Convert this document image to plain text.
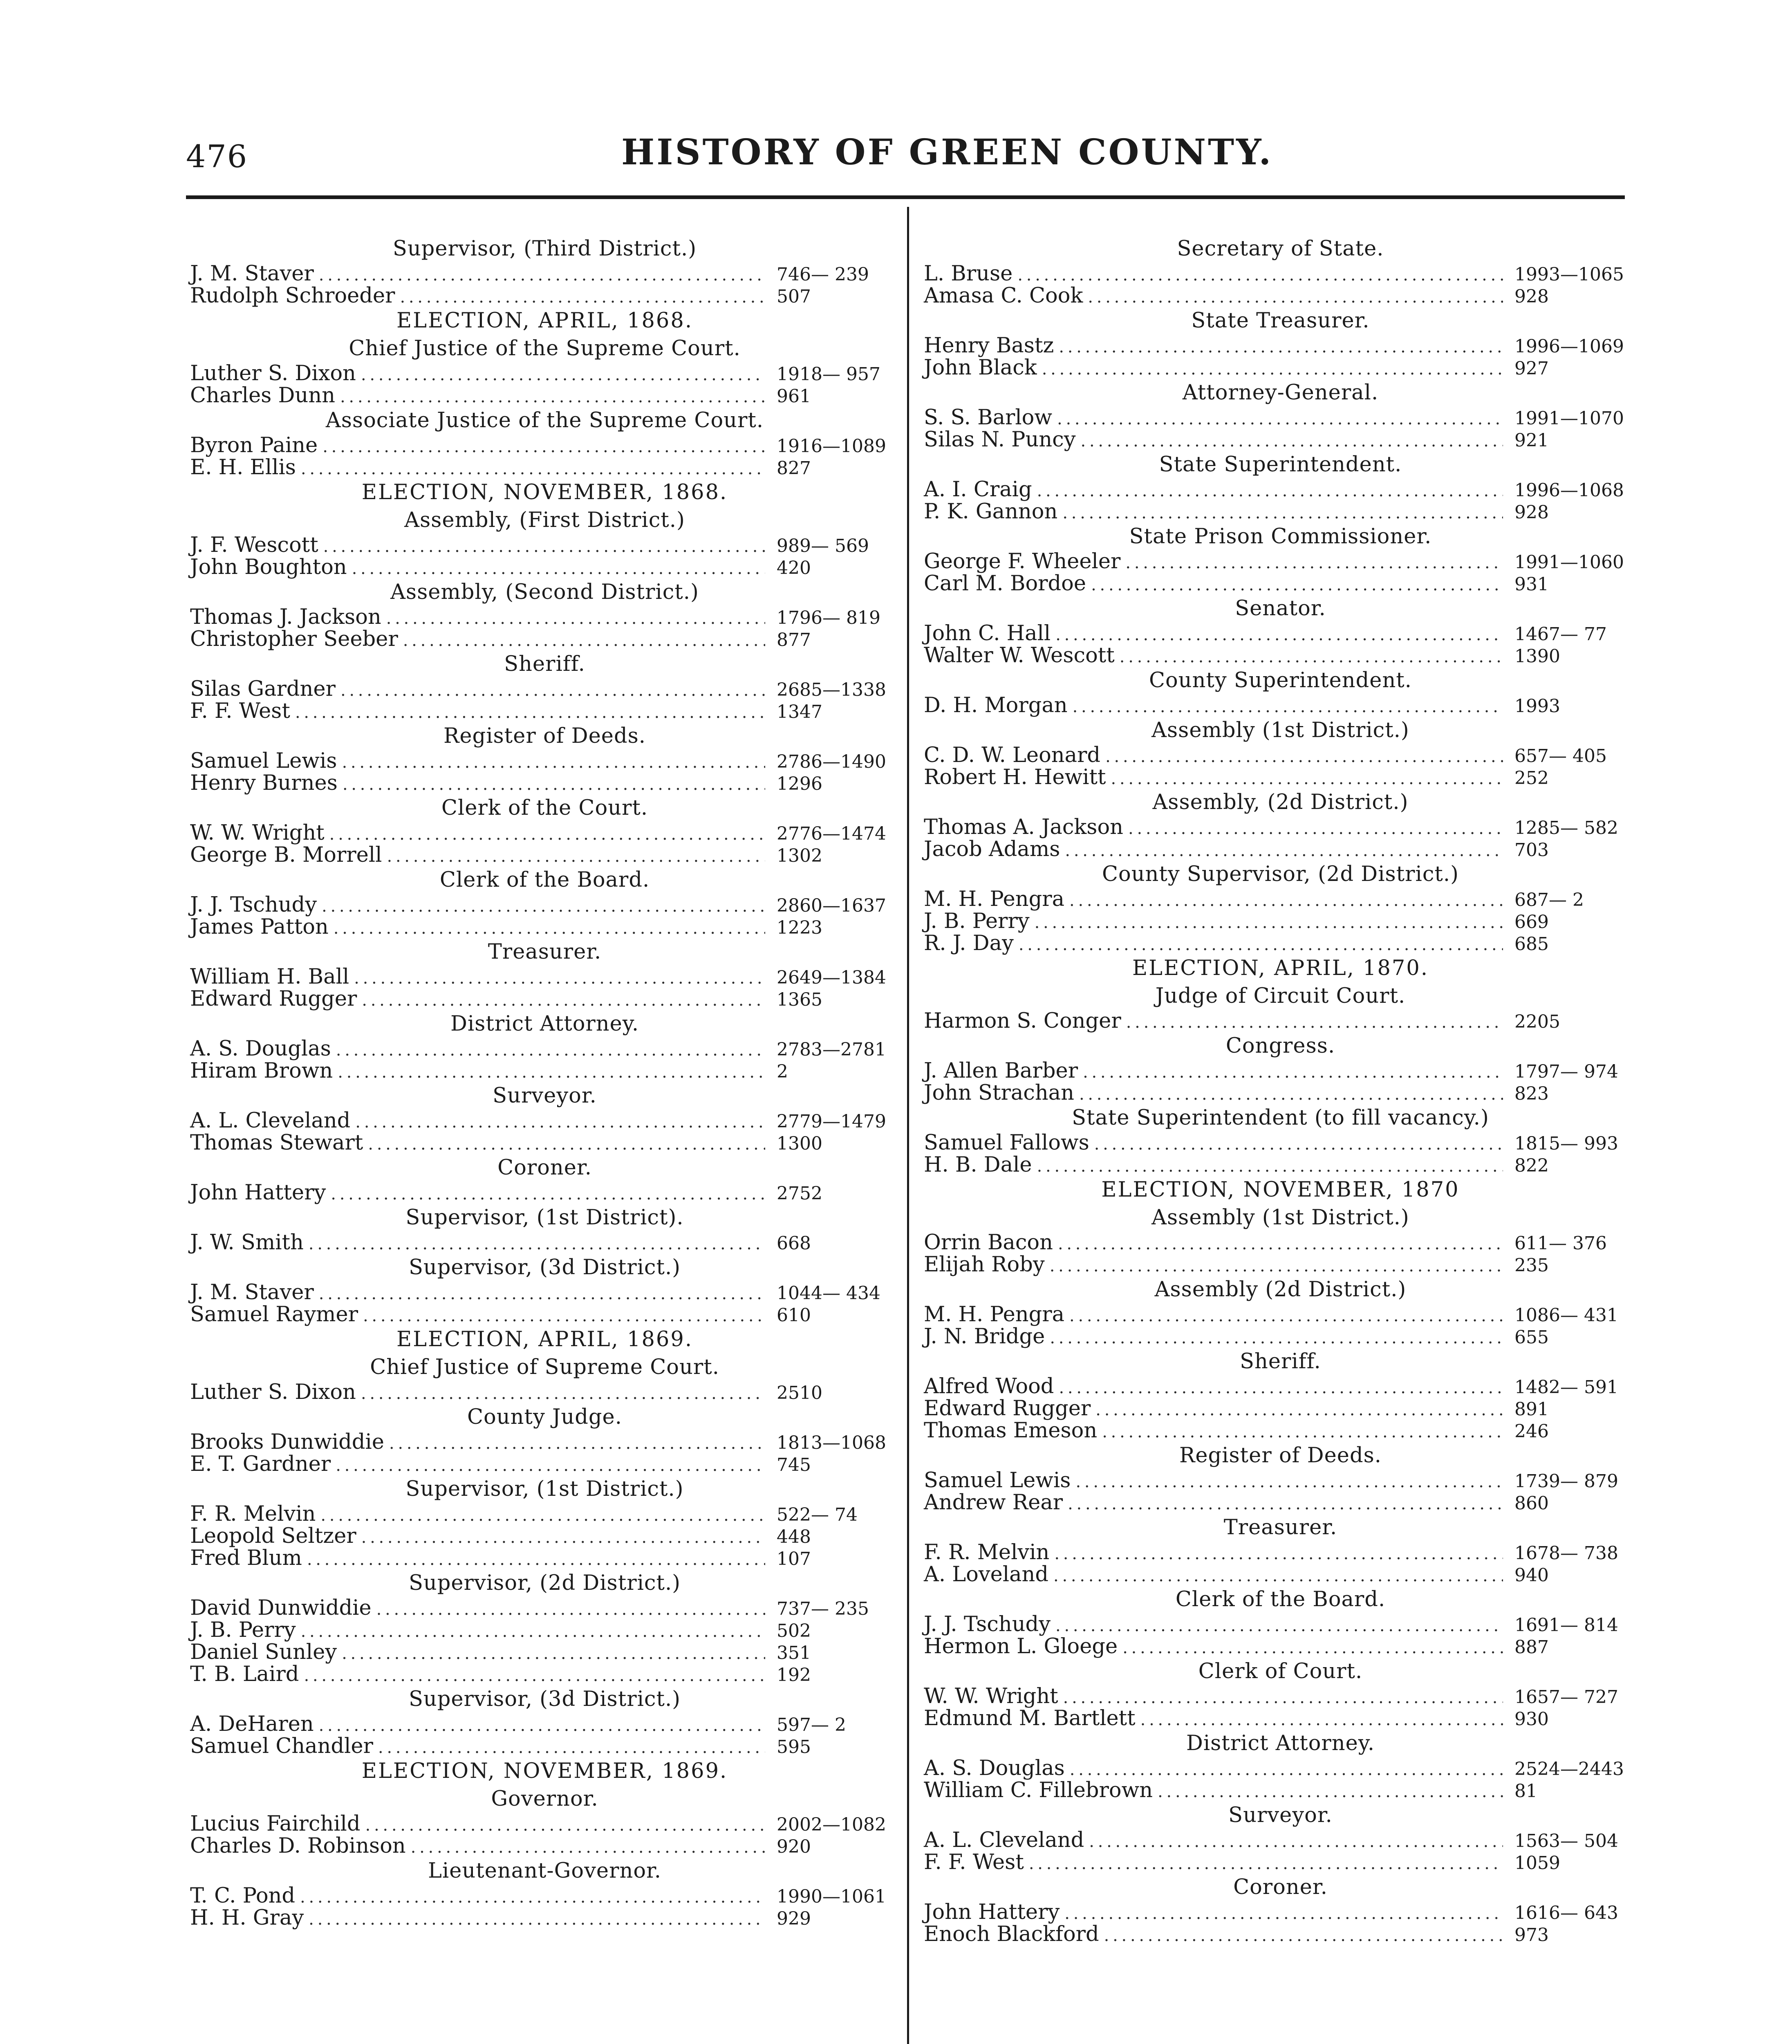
476	HISTORY OF GREEN COUNTY.
Supervisor, (Third District.)
J. M. Staver . . .	746— 239
Rudolph Schroeder . . .	507
ELECTION, APRIL, 1868.
Chief Justice of the Supreme Court.
Luther S. Dixon . . .	1918— 957
Charles Dunn . . .	961
Associate Justice of the Supreme Court.
Byron Paine . . .	1916—1089
E. H. Ellis . . .	827
ELECTION, NOVEMBER, 1868.
Assembly, (First District.)
J. F. Wescott . . .	989— 569
John Boughton . . .	420
Assembly, (Second District.)
Thomas J. Jackson . . .	1796— 819
Christopher Seeber . . .	877
Sheriff.
Silas Gardner . . .	2685—1338
F. F. West . . .	1347
Register of Deeds.
Samuel Lewis . . .	2786—1490
Henry Burnes . . .	1296
Clerk of the Court.
W. W. Wright . . .	2776—1474
George B. Morrell . . .	1302
Clerk of the Board.
J. J. Tschudy . . .	2860—1637
James Patton . . .	1223
Treasurer.
William H. Ball . . .	2649—1384
Edward Rugger . . .	1365
District Attorney.
A. S. Douglas . . .	2783—2781
Hiram Brown . . .	2
Surveyor.
A. L. Cleveland . . .	2779—1479
Thomas Stewart . . .	1300
Coroner.
John Hattery . . .	2752
Supervisor, (1st District).
J. W. Smith . . .	668
Supervisor, (3d District.)
J. M. Staver . . .	1044— 434
Samuel Raymer . . .	610
ELECTION, APRIL, 1869.
Chief Justice of Supreme Court.
Luther S. Dixon . . .	2510
County Judge.
Brooks Dunwiddie . . .	1813—1068
E. T. Gardner . . .	745
Supervisor, (1st District.)
F. R. Melvin . . .	522— 74
Leopold Seltzer . . .	448
Fred Blum . . .	107
Supervisor, (2d District.)
David Dunwiddie . . .	737— 235
J. B. Perry . . .	502
Daniel Sunley . . .	351
T. B. Laird . . .	192
Supervisor, (3d District.)
A. DeHaren . . .	597— 2
Samuel Chandler . . .	595
ELECTION, NOVEMBER, 1869.
Governor.
Lucius Fairchild . . .	2002—1082
Charles D. Robinson . . .	920
Lieutenant-Governor.
T. C. Pond . . .	1990—1061
H. H. Gray . . .	929
Secretary of State.
L. Bruse . . .	1993—1065
Amasa C. Cook . . .	928
State Treasurer.
Henry Bastz . . .	1996—1069
John Black . . .	927
Attorney-General.
S. S. Barlow . . .	1991—1070
Silas N. Puncy . . .	921
State Superintendent.
A. I. Craig . . .	1996—1068
P. K. Gannon . . .	928
State Prison Commissioner.
George F. Wheeler . . .	1991—1060
Carl M. Bordoe . . .	931
Senator.
John C. Hall . . .	1467— 77
Walter W. Wescott . . .	1390
County Superintendent.
D. H. Morgan . . .	1993
Assembly (1st District.)
C. D. W. Leonard . . .	657— 405
Robert H. Hewitt . . .	252
Assembly, (2d District.)
Thomas A. Jackson . . .	1285— 582
Jacob Adams . . .	703
County Supervisor, (2d District.)
M. H. Pengra . . .	687— 2
J. B. Perry . . .	669
R. J. Day . . .	685
ELECTION, APRIL, 1870.
Judge of Circuit Court.
Harmon S. Conger . . .	2205
Congress.
J. Allen Barber . . .	1797— 974
John Strachan . . .	823
State Superintendent (to fill vacancy.)
Samuel Fallows . . .	1815— 993
H. B. Dale . . .	822
ELECTION, NOVEMBER, 1870
Assembly (1st District.)
Orrin Bacon . . .	611— 376
Elijah Roby . . .	235
Assembly (2d District.)
M. H. Pengra . . .	1086— 431
J. N. Bridge . . .	655
Sheriff.
Alfred Wood . . .	1482— 591
Edward Rugger . . .	891
Thomas Emeson . . .	246
Register of Deeds.
Samuel Lewis . . .	1739— 879
Andrew Rear . . .	860
Treasurer.
F. R. Melvin . . .	1678— 738
A. Loveland . . .	940
Clerk of the Board.
J. J. Tschudy . . .	1691— 814
Hermon L. Gloege . . .	887
Clerk of Court.
W. W. Wright . . .	1657— 727
Edmund M. Bartlett . . .	930
District Attorney.
A. S. Douglas . . .	2524—2443
William C. Fillebrown . . .	81
Surveyor.
A. L. Cleveland . . .	1563— 504
F. F. West . . .	1059
Coroner.
John Hattery . . .	1616— 643
Enoch Blackford . . .	973
